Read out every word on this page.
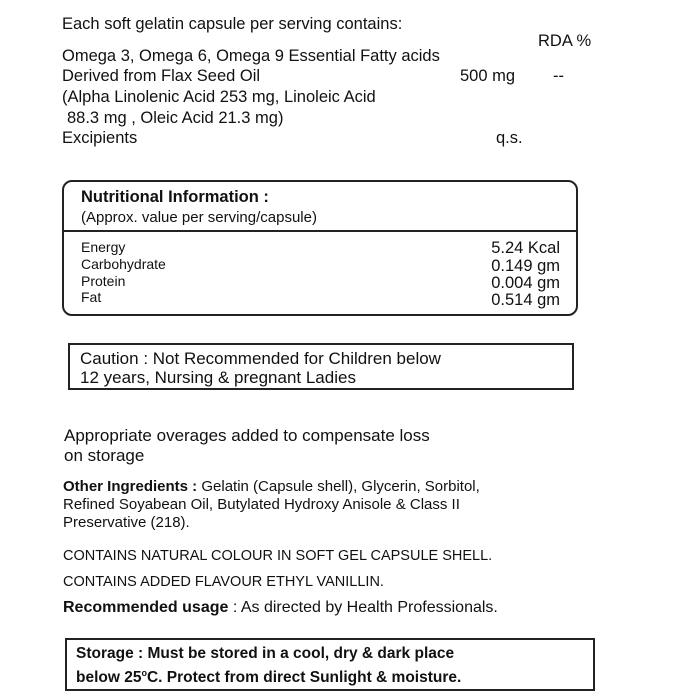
Each soft gelatin capsule per serving contains:
RDA %
Omega 3, Omega 6, Omega 9 Essential Fatty acids
Derived from Flax Seed Oil	500 mg --
(Alpha Linolenic Acid 253 mg, Linoleic Acid
88.3 mg , Oleic Acid 21.3 mg)
Excipients	q.s.
Nutritional Information :
(Approx. value per serving/capsule)
Energy	5.24 Kcal
Carbohydrate	0.149 gm
Protein	0.004 gm
Fat	0.514 gm
Caution : Not Recommended for Children below
12 years, Nursing & pregnant Ladies
Appropriate overages added to compensate loss
on storage
Other Ingredients : Gelatin (Capsule shell), Glycerin, Sorbitol,
Refined Soyabean Oil, Butylated Hydroxy Anisole & Class II
Preservative (218).
CONTAINS NATURAL COLOUR IN SOFT GEL CAPSULE SHELL.
CONTAINS ADDED FLAVOUR ETHYL VANILLIN.
Recommended usage : As directed by Health Professionals.
Storage : Must be stored in a cool, dry & dark place
below 25$^o$C. Protect from direct Sunlight & moisture.
